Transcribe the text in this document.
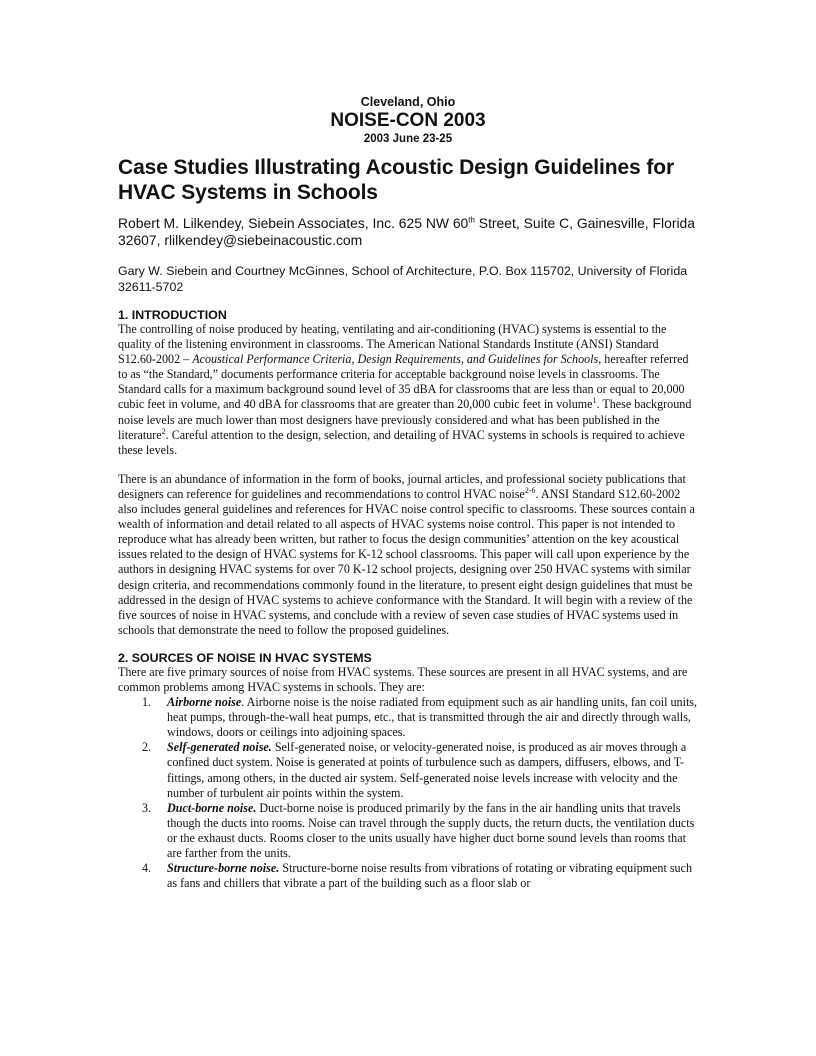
Cleveland, Ohio
NOISE-CON 2003
2003 June 23-25
Case Studies Illustrating Acoustic Design Guidelines for HVAC Systems in Schools

Robert M. Lilkendey, Siebein Associates, Inc. 625 NW 60th Street, Suite C, Gainesville, Florida 32607, rlilkendey@siebeinacoustic.com

Gary W. Siebein and Courtney McGinnes, School of Architecture, P.O. Box 115702, University of Florida 32611-5702

1. INTRODUCTION

The controlling of noise produced by heating, ventilating and air-conditioning (HVAC) systems is essential to the quality of the listening environment in classrooms. The American National Standards Institute (ANSI) Standard S12.60-2002 – Acoustical Performance Criteria, Design Requirements, and Guidelines for Schools, hereafter referred to as “the Standard,” documents performance criteria for acceptable background noise levels in classrooms. The Standard calls for a maximum background sound level of 35 dBA for classrooms that are less than or equal to 20,000 cubic feet in volume, and 40 dBA for classrooms that are greater than 20,000 cubic feet in volume$^1$. These background noise levels are much lower than most designers have previously considered and what has been published in the literature$^2$. Careful attention to the design, selection, and detailing of HVAC systems in schools is required to achieve these levels.

There is an abundance of information in the form of books, journal articles, and professional society publications that designers can reference for guidelines and recommendations to control HVAC noise$^{2-6}$. ANSI Standard S12.60-2002 also includes general guidelines and references for HVAC noise control specific to classrooms. These sources contain a wealth of information and detail related to all aspects of HVAC systems noise control. This paper is not intended to reproduce what has already been written, but rather to focus the design communities’ attention on the key acoustical issues related to the design of HVAC systems for K-12 school classrooms. This paper will call upon experience by the authors in designing HVAC systems for over 70 K-12 school projects, designing over 250 HVAC systems with similar design criteria, and recommendations commonly found in the literature, to present eight design guidelines that must be addressed in the design of HVAC systems to achieve conformance with the Standard. It will begin with a review of the five sources of noise in HVAC systems, and conclude with a review of seven case studies of HVAC systems used in schools that demonstrate the need to follow the proposed guidelines.

2. SOURCES OF NOISE IN HVAC SYSTEMS

There are five primary sources of noise from HVAC systems. These sources are present in all HVAC systems, and are common problems among HVAC systems in schools. They are:

1. Airborne noise. Airborne noise is the noise radiated from equipment such as air handling units, fan coil units, heat pumps, through-the-wall heat pumps, etc., that is transmitted through the air and directly through walls, windows, doors or ceilings into adjoining spaces.
2. Self-generated noise. Self-generated noise, or velocity-generated noise, is produced as air moves through a confined duct system. Noise is generated at points of turbulence such as dampers, diffusers, elbows, and T-fittings, among others, in the ducted air system. Self-generated noise levels increase with velocity and the number of turbulent air points within the system.
3. Duct-borne noise. Duct-borne noise is produced primarily by the fans in the air handling units that travels though the ducts into rooms. Noise can travel through the supply ducts, the return ducts, the ventilation ducts or the exhaust ducts. Rooms closer to the units usually have higher duct borne sound levels than rooms that are farther from the units.
4. Structure-borne noise. Structure-borne noise results from vibrations of rotating or vibrating equipment such as fans and chillers that vibrate a part of the building such as a floor slab or
